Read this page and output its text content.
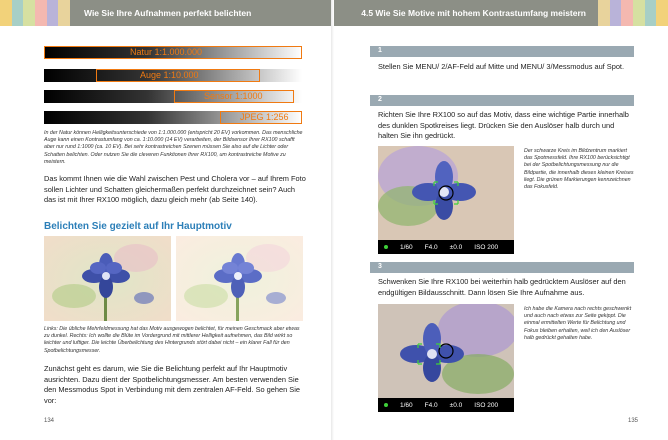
Wie Sie Ihre Aufnahmen perfekt belichten
Natur 1:1.000.000
Auge 1:10.000
Sensor 1:1000
JPEG 1:256
In der Natur können Helligkeitsunterschiede von 1:1.000.000 (entspricht 20 EV) vorkommen. Das menschliche Auge kann einen Kontrastumfang von ca. 1:10.000 (14 EV) verarbeiten, der Bildsensor Ihrer RX100 schafft aber nur rund 1:1000 (ca. 10 EV). Bei sehr kontrastreichen Szenen müssen Sie also auf die Lichter oder Schatten belichten. Oder nutzen Sie die cleveren Funktionen Ihrer RX100, um kontrastreiche Motive zu meistern.
Das kommt Ihnen wie die Wahl zwischen Pest und Cholera vor – auf Ihrem Foto sollen Lichter und Schatten gleichermaßen perfekt durchzeichnet sein? Auch das ist mit Ihrer RX100 möglich, dazu gleich mehr (ab Seite 140).
Belichten Sie gezielt auf Ihr Hauptmotiv
Links: Die übliche Mehrfeldmessung hat das Motiv ausgewogen belichtet, für meinen Geschmack aber etwas zu dunkel. Rechts: Ich wollte die Blüte im Vordergrund mit mittlerer Helligkeit aufnehmen, das Bild wirkt so leichter und luftiger. Die leichte Überbelichtung des Hintergrunds stört dabei nicht – ein klarer Fall für den Spotbelichtungsmesser.
Zunächst geht es darum, wie Sie die Belichtung perfekt auf Ihr Hauptmotiv ausrichten. Dazu dient der Spotbelichtungsmesser. Am besten verwenden Sie den Messmodus Spot in Verbindung mit dem zentralen AF-Feld. So gehen Sie vor:
134
4.5 Wie Sie Motive mit hohem Kontrastumfang meistern
1
Stellen Sie MENU/ 2/AF-Feld auf Mitte und MENU/ 3/Messmodus auf Spot.
2
Richten Sie Ihre RX100 so auf das Motiv, dass eine wichtige Partie innerhalb des dunklen Spotkreises liegt. Drücken Sie den Auslöser halb durch und halten Sie ihn gedrückt.
1/60 F4.0 ±0.0 ISO 200
Der schwarze Kreis im Bildzentrum markiert das Spotmessfeld. Ihre RX100 berücksichtigt bei der Spotbelichtungsmessung nur die Bildpartie, die innerhalb dieses kleinen Kreises liegt. Die grünen Markierungen kennzeichnen das Fokusfeld.
3
Schwenken Sie Ihre RX100 bei weiterhin halb gedrücktem Auslöser auf den endgültigen Bildausschnitt. Dann lösen Sie Ihre Aufnahme aus.
1/60 F4.0 ±0.0 ISO 200
Ich habe die Kamera nach rechts geschwenkt und auch nach etwas zur Seite gekippt. Die einmal ermittelten Werte für Belichtung und Fokus bleiben erhalten, weil ich den Auslöser halb gedrückt gehalten habe.
135
